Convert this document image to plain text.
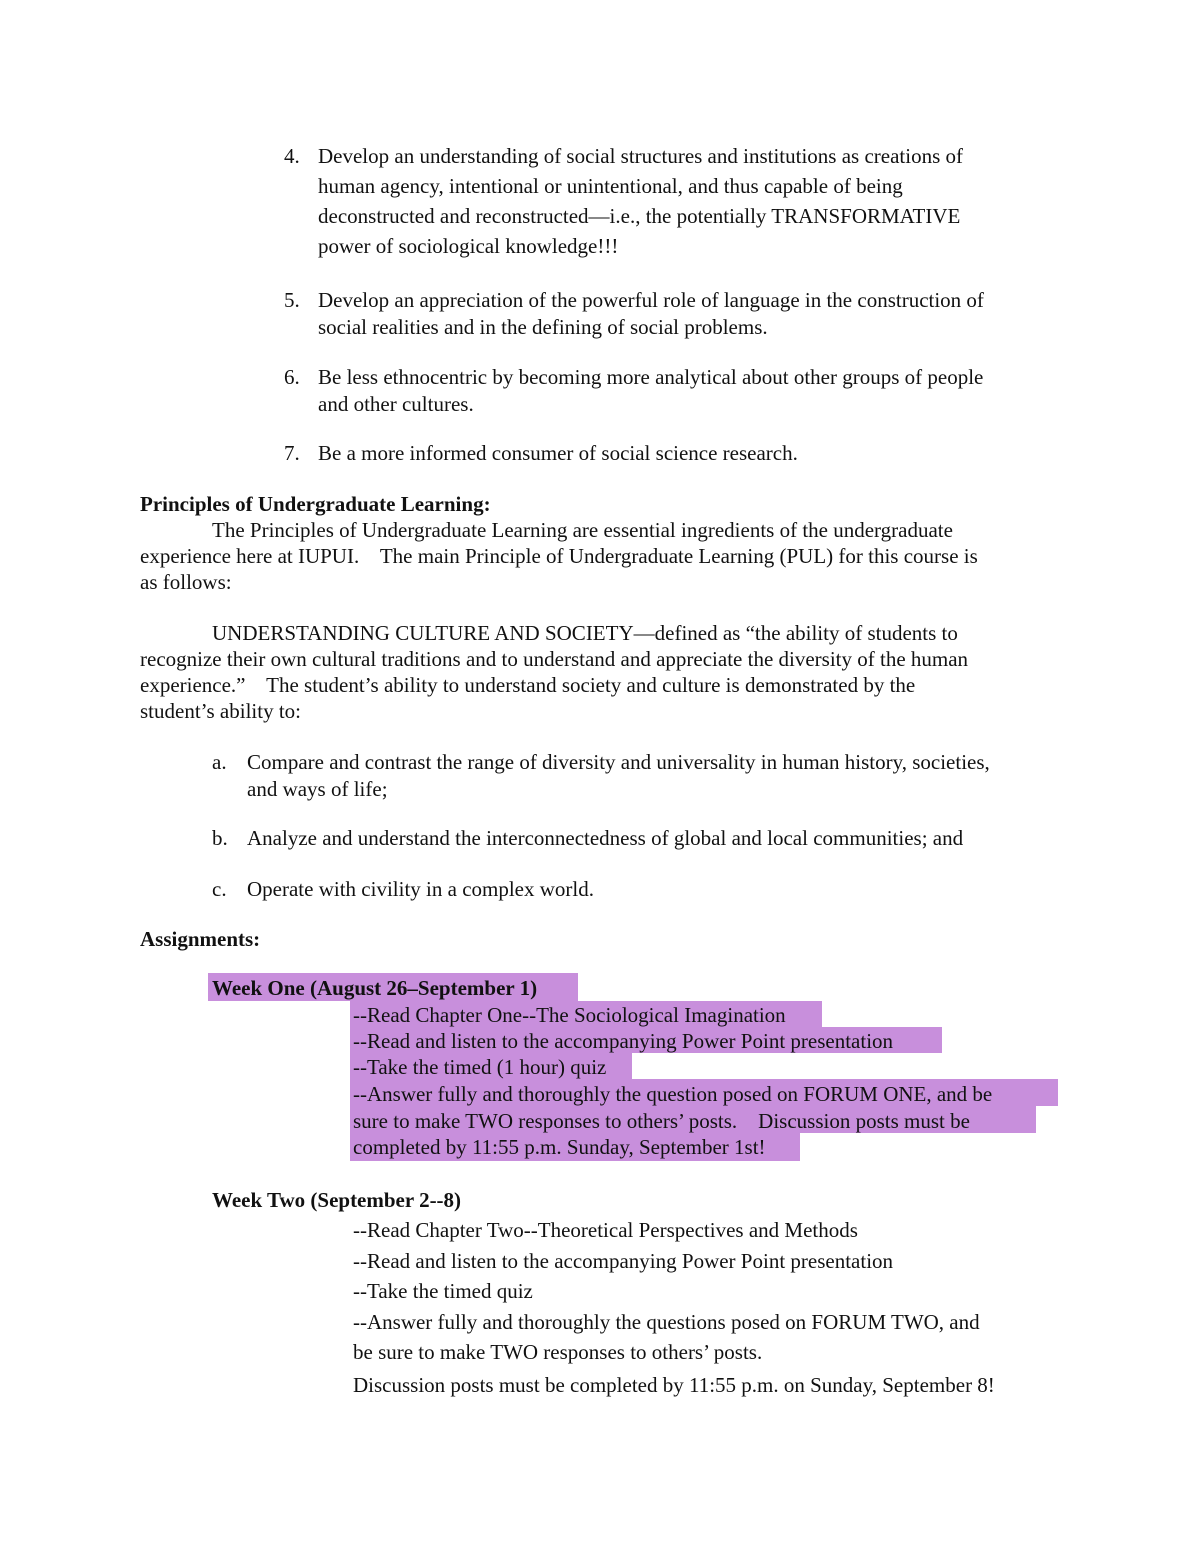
4. Develop an understanding of social structures and institutions as creations of
human agency, intentional or unintentional, and thus capable of being
deconstructed and reconstructed—i.e., the potentially TRANSFORMATIVE
power of sociological knowledge!!!
5. Develop an appreciation of the powerful role of language in the construction of
social realities and in the defining of social problems.
6. Be less ethnocentric by becoming more analytical about other groups of people
and other cultures.
7. Be a more informed consumer of social science research.
Principles of Undergraduate Learning:
The Principles of Undergraduate Learning are essential ingredients of the undergraduate
experience here at IUPUI.    The main Principle of Undergraduate Learning (PUL) for this course is
as follows:
UNDERSTANDING CULTURE AND SOCIETY—defined as “the ability of students to
recognize their own cultural traditions and to understand and appreciate the diversity of the human
experience.”    The student’s ability to understand society and culture is demonstrated by the
student’s ability to:
a. Compare and contrast the range of diversity and universality in human history, societies,
and ways of life;
b. Analyze and understand the interconnectedness of global and local communities; and
c. Operate with civility in a complex world.
Assignments:
Week One (August 26–September 1)
--Read Chapter One--The Sociological Imagination
--Read and listen to the accompanying Power Point presentation
--Take the timed (1 hour) quiz
--Answer fully and thoroughly the question posed on FORUM ONE, and be
sure to make TWO responses to others’ posts.    Discussion posts must be
completed by 11:55 p.m. Sunday, September 1st!
Week Two (September 2--8)
--Read Chapter Two--Theoretical Perspectives and Methods
--Read and listen to the accompanying Power Point presentation
--Take the timed quiz
--Answer fully and thoroughly the questions posed on FORUM TWO, and
be sure to make TWO responses to others’ posts.
Discussion posts must be completed by 11:55 p.m. on Sunday, September 8!
